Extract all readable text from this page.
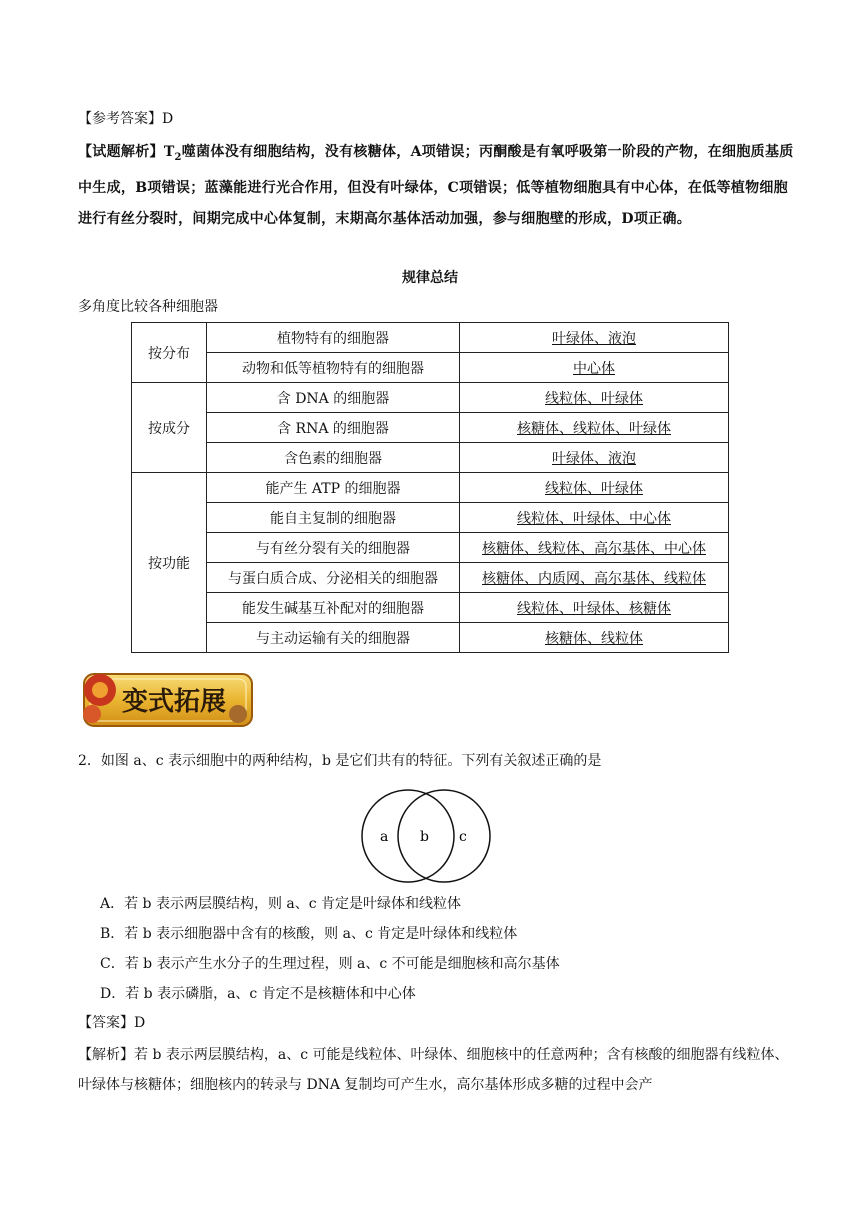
【参考答案】D
【试题解析】$T_2$噬菌体没有细胞结构，没有核糖体，A项错误；丙酮酸是有氧呼吸第一阶段的产物，在细胞质基质中生成，B项错误；蓝藻能进行光合作用，但没有叶绿体，C项错误；低等植物细胞具有中心体，在低等植物细胞进行有丝分裂时，间期完成中心体复制，末期高尔基体活动加强，参与细胞壁的形成，D项正确。
规律总结
多角度比较各种细胞器
按分布	植物特有的细胞器	叶绿体、液泡
	动物和低等植物特有的细胞器	中心体
按成分	含 DNA 的细胞器	线粒体、叶绿体
	含 RNA 的细胞器	核糖体、线粒体、叶绿体
	含色素的细胞器	叶绿体、液泡
按功能	能产生 ATP 的细胞器	线粒体、叶绿体
	能自主复制的细胞器	线粒体、叶绿体、中心体
	与有丝分裂有关的细胞器	核糖体、线粒体、高尔基体、中心体
	与蛋白质合成、分泌相关的细胞器	核糖体、内质网、高尔基体、线粒体
	能发生碱基互补配对的细胞器	线粒体、叶绿体、核糖体
	与主动运输有关的细胞器	核糖体、线粒体
变式拓展
2．如图 a、c 表示细胞中的两种结构，b 是它们共有的特征。下列有关叙述正确的是
a b c
A．若 b 表示两层膜结构，则 a、c 肯定是叶绿体和线粒体
B．若 b 表示细胞器中含有的核酸，则 a、c 肯定是叶绿体和线粒体
C．若 b 表示产生水分子的生理过程，则 a、c 不可能是细胞核和高尔基体
D．若 b 表示磷脂，a、c 肯定不是核糖体和中心体
【答案】D
【解析】若 b 表示两层膜结构，a、c 可能是线粒体、叶绿体、细胞核中的任意两种；含有核酸的细胞器有线粒体、叶绿体与核糖体；细胞核内的转录与 DNA 复制均可产生水，高尔基体形成多糖的过程中会产
